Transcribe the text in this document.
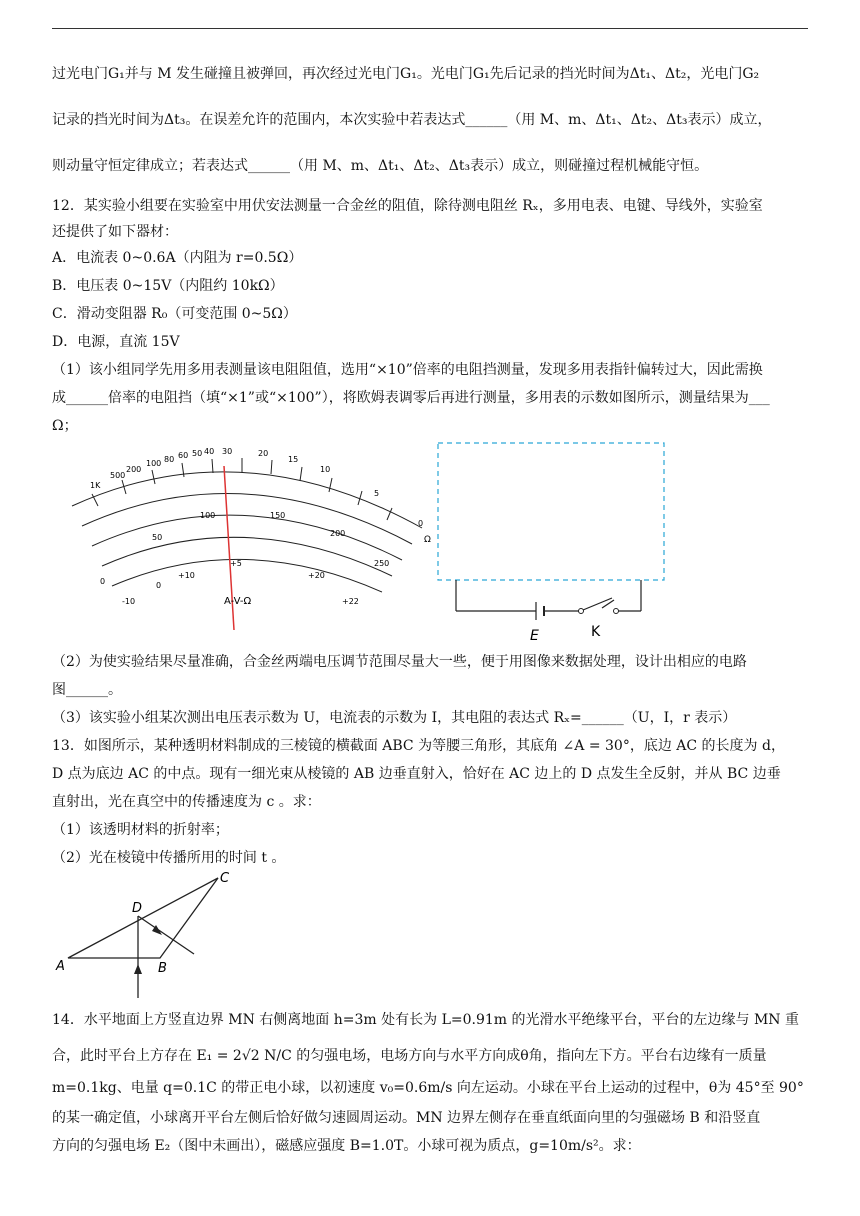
过光电门G₁并与 M 发生碰撞且被弹回，再次经过光电门G₁。光电门G₁先后记录的挡光时间为Δt₁、Δt₂，光电门G₂
记录的挡光时间为Δt₃。在误差允许的范围内，本次实验中若表达式______（用 M、m、Δt₁、Δt₂、Δt₃表示）成立，
则动量守恒定律成立；若表达式______（用 M、m、Δt₁、Δt₂、Δt₃表示）成立，则碰撞过程机械能守恒。
12．某实验小组要在实验室中用伏安法测量一合金丝的阻值，除待测电阻丝 Rₓ，多用电表、电键、导线外，实验室
还提供了如下器材：
A．电流表 0~0.6A（内阻为 r=0.5Ω）
B．电压表 0~15V（内阻约 10kΩ）
C．滑动变阻器 R₀（可变范围 0~5Ω）
D．电源，直流 15V
（1）该小组同学先用多用表测量该电阻阻值，选用“×10”倍率的电阻挡测量，发现多用表指针偏转过大，因此需换
成______倍率的电阻挡（填“×1”或“×100”），将欧姆表调零后再进行测量，多用表的示数如图所示，测量结果为___
Ω；
1K
500
200
100 80 60 50 40 30	20
15
10
5
0
Ω
0
50
100	150
200
250
-10
0
+10
+5
+20
+22
A-V-Ω
E	K
（2）为使实验结果尽量准确，合金丝两端电压调节范围尽量大一些，便于用图像来数据处理，设计出相应的电路
图______。
（3）该实验小组某次测出电压表示数为 U，电流表的示数为 I，其电阻的表达式 Rₓ=______（U，I，r 表示）
13．如图所示，某种透明材料制成的三棱镜的横截面 ABC 为等腰三角形，其底角 ∠A = 30°，底边 AC 的长度为 d，
D 点为底边 AC 的中点。现有一细光束从棱镜的 AB 边垂直射入，恰好在 AC 边上的 D 点发生全反射，并从 BC 边垂
直射出，光在真空中的传播速度为 c 。求：
（1）该透明材料的折射率；
（2）光在棱镜中传播所用的时间 t 。
A	B
C
D
14．水平地面上方竖直边界 MN 右侧离地面 h=3m 处有长为 L=0.91m 的光滑水平绝缘平台，平台的左边缘与 MN 重
合，此时平台上方存在 E₁ = 2√2 N/C 的匀强电场，电场方向与水平方向成θ角，指向左下方。平台右边缘有一质量
m=0.1kg、电量 q=0.1C 的带正电小球，以初速度 v₀=0.6m/s 向左运动。小球在平台上运动的过程中，θ为 45°至 90°
的某一确定值，小球离开平台左侧后恰好做匀速圆周运动。MN 边界左侧存在垂直纸面向里的匀强磁场 B 和沿竖直
方向的匀强电场 E₂（图中未画出），磁感应强度 B=1.0T。小球可视为质点，g=10m/s²。求：
